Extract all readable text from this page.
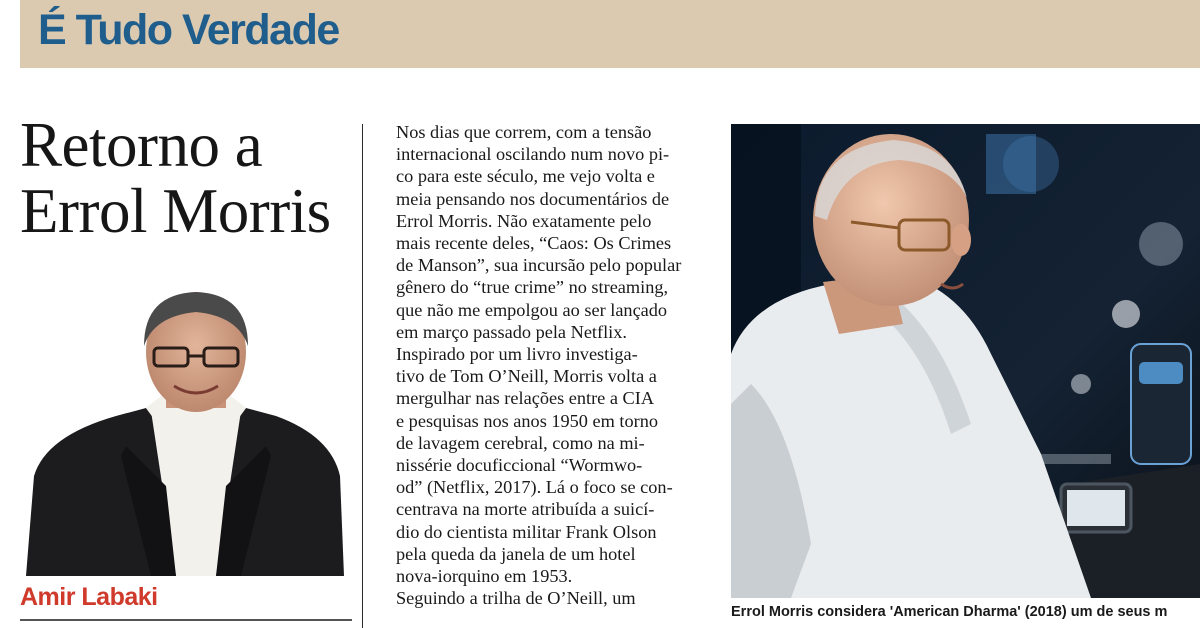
É Tudo Verdade
Retorno a
Errol Morris
Amir Labaki

Nos dias que correm, com a tensão
internacional oscilando num novo pi-
co para este século, me vejo volta e
meia pensando nos documentários de
Errol Morris. Não exatamente pelo
mais recente deles, “Caos: Os Crimes
de Manson”, sua incursão pelo popular
gênero do “true crime” no streaming,
que não me empolgou ao ser lançado
em março passado pela Netflix.

Inspirado por um livro investiga-
tivo de Tom O’Neill, Morris volta a
mergulhar nas relações entre a CIA
e pesquisas nos anos 1950 em torno
de lavagem cerebral, como na mi-
nissérie docuficcional “Wormwo-
od” (Netflix, 2017). Lá o foco se con-
centrava na morte atribuída a suicí-
dio do cientista militar Frank Olson
pela queda da janela de um hotel
nova-iorquino em 1953.

Seguindo a trilha de O’Neill, um

Errol Morris considera 'American Dharma' (2018) um de seus m
